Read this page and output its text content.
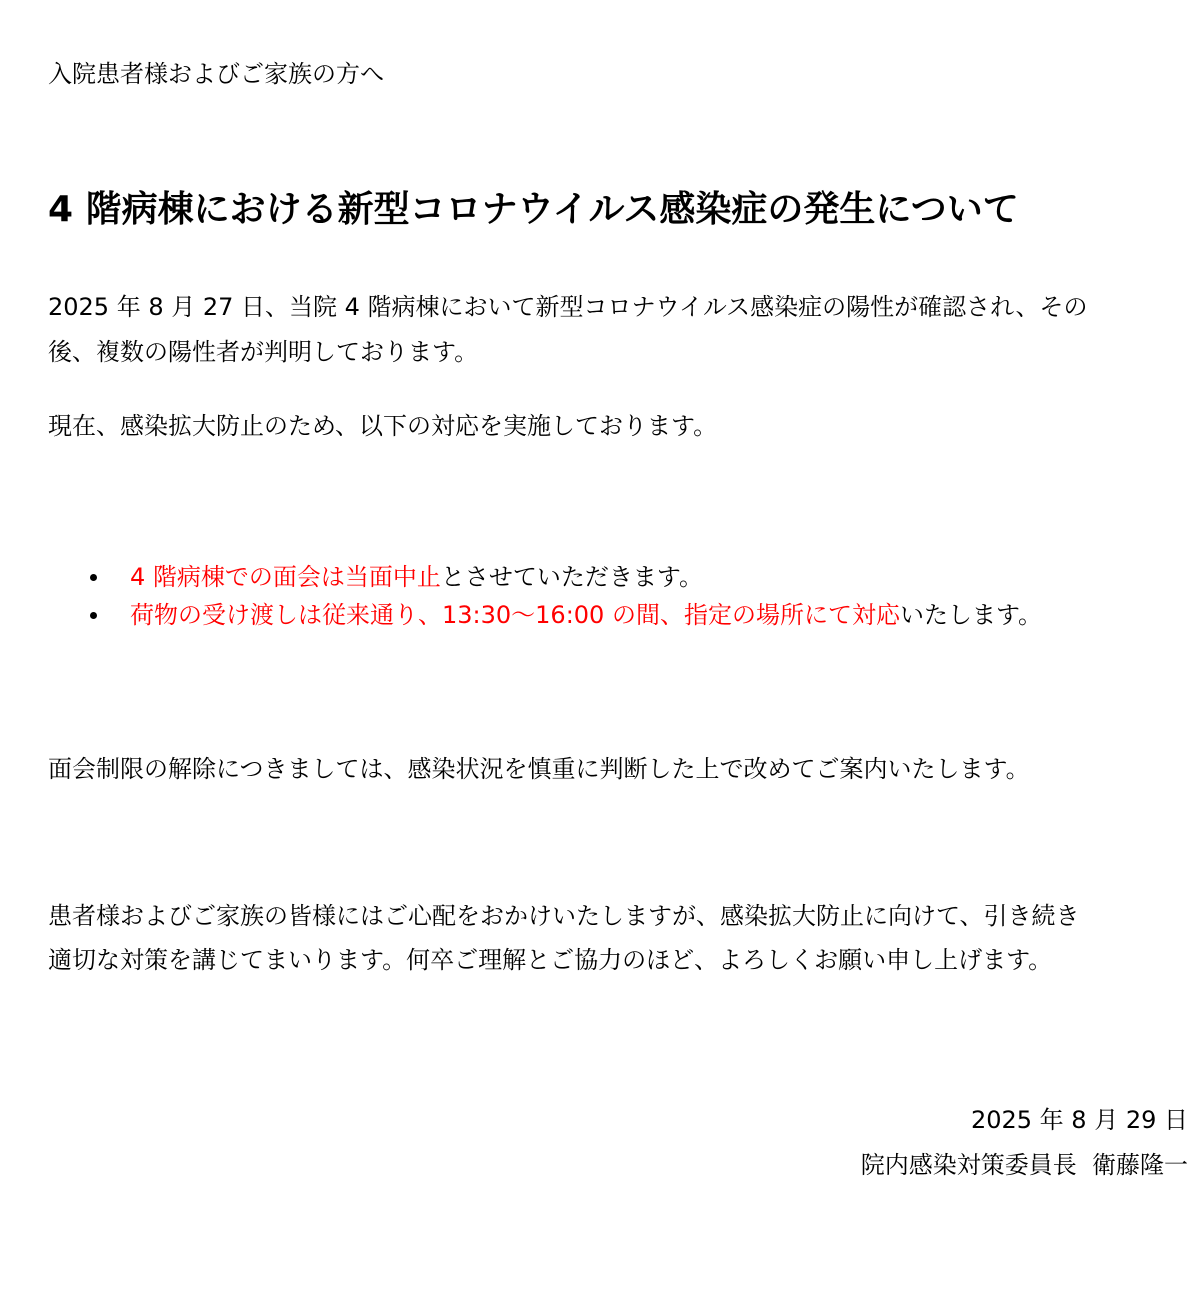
入院患者様およびご家族の方へ
4 階病棟における新型コロナウイルス感染症の発生について
2025 年 8 月 27 日、当院 4 階病棟において新型コロナウイルス感染症の陽性が確認され、その
後、複数の陽性者が判明しております。
現在、感染拡大防止のため、以下の対応を実施しております。
4 階病棟での面会は当面中止とさせていただきます。
荷物の受け渡しは従来通り、13:30〜16:00 の間、指定の場所にて対応いたします。
面会制限の解除につきましては、感染状況を慎重に判断した上で改めてご案内いたします。
患者様およびご家族の皆様にはご心配をおかけいたしますが、感染拡大防止に向けて、引き続き
適切な対策を講じてまいります。何卒ご理解とご協力のほど、よろしくお願い申し上げます。
2025 年 8 月 29 日
院内感染対策委員長  衛藤隆一
